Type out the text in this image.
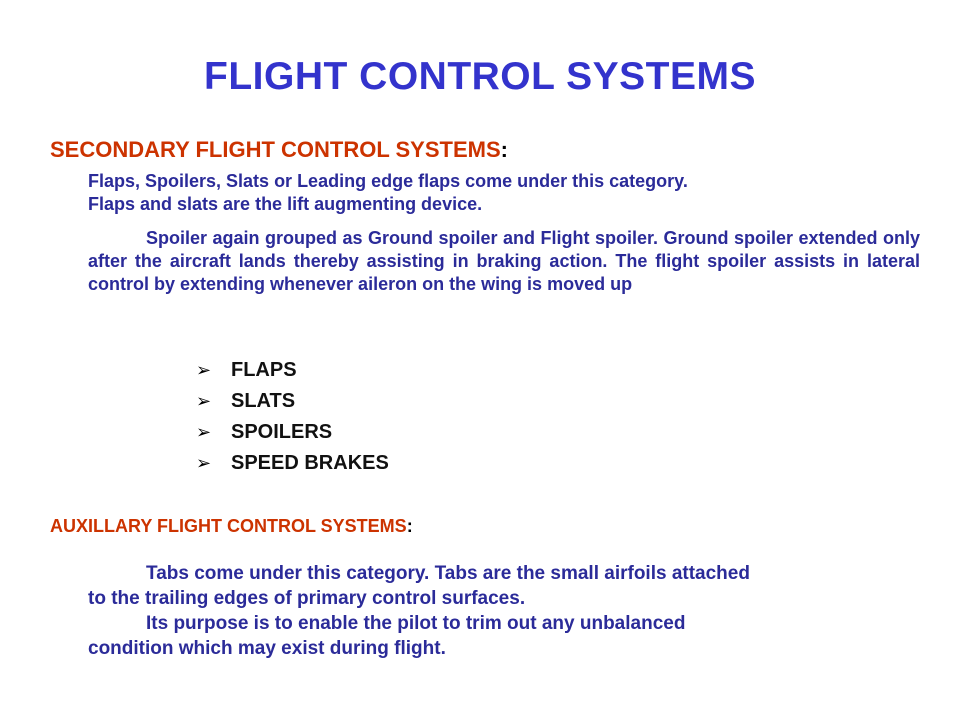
FLIGHT CONTROL SYSTEMS
SECONDARY FLIGHT CONTROL SYSTEMS:

Flaps, Spoilers, Slats or Leading edge flaps come under this category.
Flaps and slats are the lift augmenting device.

Spoiler again grouped as Ground spoiler and Flight spoiler. Ground spoiler extended only after the aircraft lands thereby assisting in braking action. The flight spoiler assists in lateral control by extending whenever aileron on the wing is moved up

➢ FLAPS
➢ SLATS
➢ SPOILERS
➢ SPEED BRAKES
AUXILLARY FLIGHT CONTROL SYSTEMS:

Tabs come under this category. Tabs are the small airfoils attached
to the trailing edges of primary control surfaces.
Its purpose is to enable the pilot to trim out any unbalanced
condition which may exist during flight.
